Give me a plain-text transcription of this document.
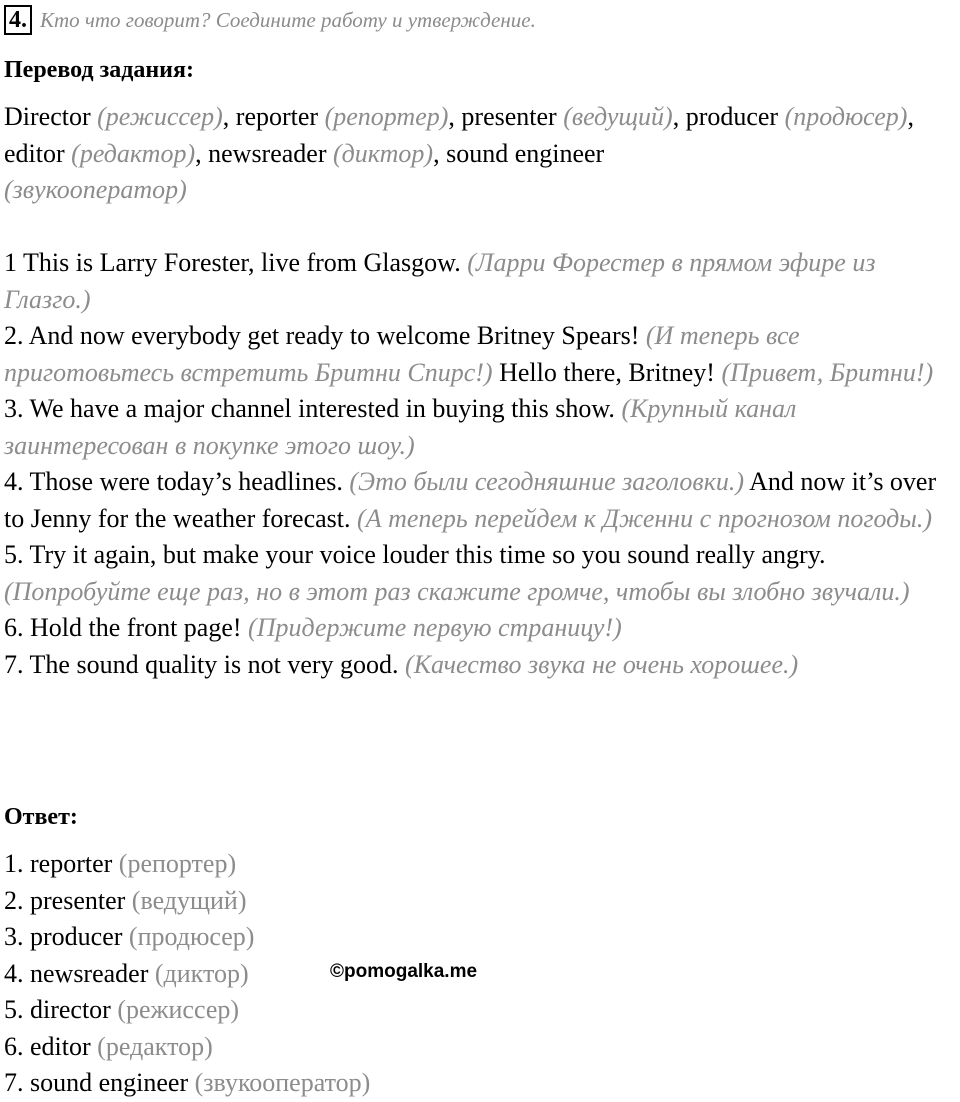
4. Кто что говорит? Соедините работу и утверждение.
Перевод задания:
Director (режиссер), reporter (репортер), presenter (ведущий), producer (продюсер), editor (редактор), newsreader (диктор), sound engineer
(звукооператор)
1 This is Larry Forester, live from Glasgow. (Ларри Форестер в прямом эфире из Глазго.)
2. And now everybody get ready to welcome Britney Spears! (И теперь все приготовьтесь встретить Бритни Спирс!) Hello there, Britney! (Привет, Бритни!)
3. We have a major channel interested in buying this show. (Крупный канал заинтересован в покупке этого шоу.)
4. Those were today’s headlines. (Это были сегодняшние заголовки.) And now it’s over to Jenny for the weather forecast. (А теперь перейдем к Дженни с прогнозом погоды.)
5. Try it again, but make your voice louder this time so you sound really angry. (Попробуйте еще раз, но в этот раз скажите громче, чтобы вы злобно звучали.)
6. Hold the front page! (Придержите первую страницу!)
7. The sound quality is not very good. (Качество звука не очень хорошее.)
Ответ:
1. reporter (репортер)
2. presenter (ведущий)
3. producer (продюсер)
4. newsreader (диктор)
5. director (режиссер)
6. editor (редактор)
7. sound engineer (звукооператор)
©pomogalka.me
